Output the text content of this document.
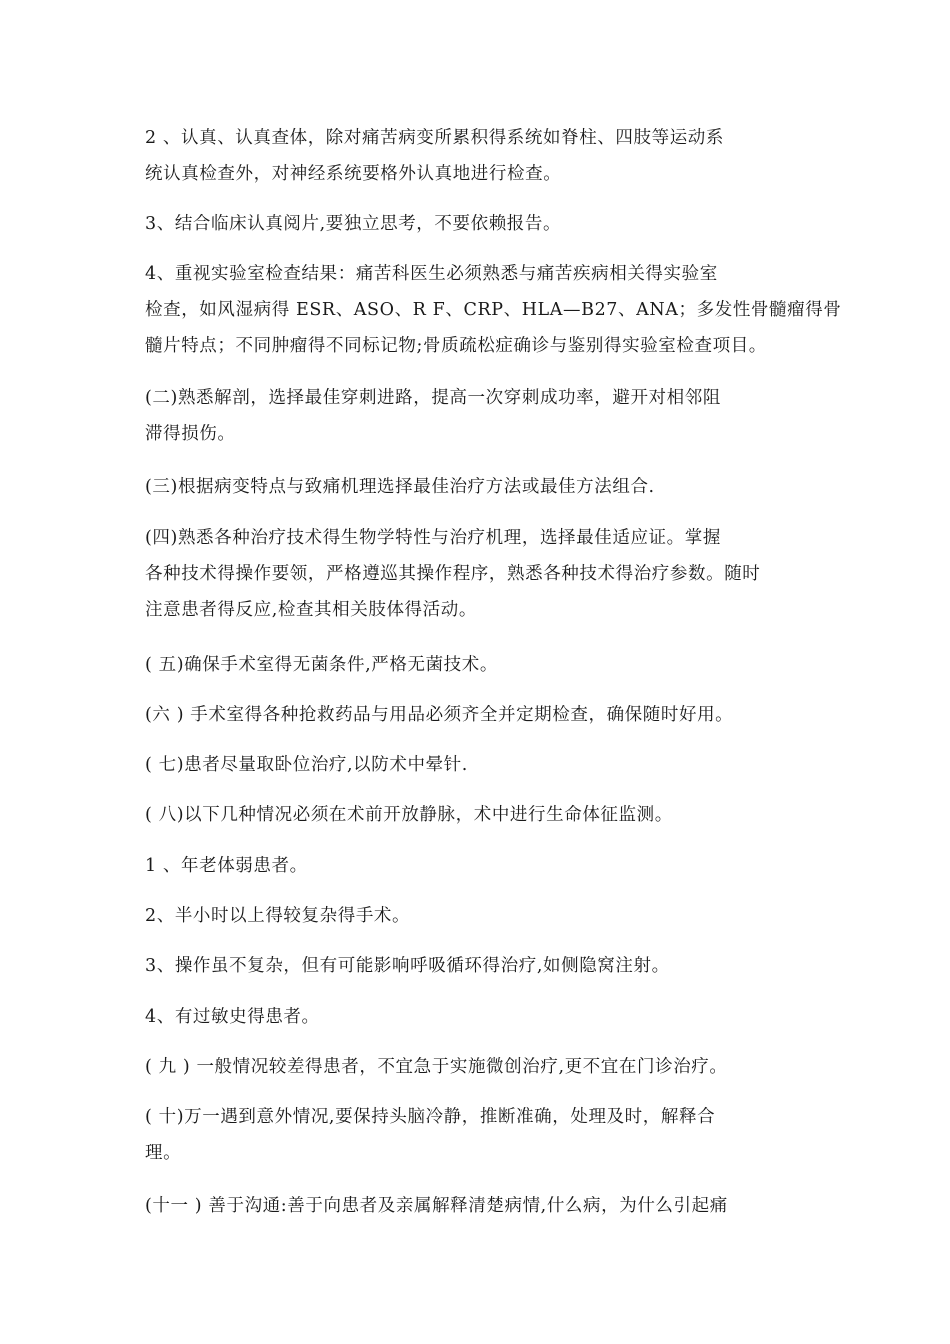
2 、认真、认真查体，除对痛苦病变所累积得系统如脊柱、四肢等运动系
统认真检查外，对神经系统要格外认真地进行检查。
3、结合临床认真阅片,要独立思考，不要依赖报告。
4、重视实验室检查结果：痛苦科医生必须熟悉与痛苦疾病相关得实验室
检查，如风湿病得 ESR、ASO、R F、CRP、HLA—B27、ANA；多发性骨髓瘤得骨
髓片特点；不同肿瘤得不同标记物;骨质疏松症确诊与鉴别得实验室检查项目。
(二)熟悉解剖，选择最佳穿刺进路，提高一次穿刺成功率，避开对相邻阻
滞得损伤。
(三)根据病变特点与致痛机理选择最佳治疗方法或最佳方法组合.
(四)熟悉各种治疗技术得生物学特性与治疗机理，选择最佳适应证。掌握
各种技术得操作要领，严格遵巡其操作程序，熟悉各种技术得治疗参数。随时
注意患者得反应,检查其相关肢体得活动。
( 五)确保手术室得无菌条件,严格无菌技术。
(六 ) 手术室得各种抢救药品与用品必须齐全并定期检查，确保随时好用。
( 七)患者尽量取卧位治疗,以防术中晕针.
( 八)以下几种情况必须在术前开放静脉，术中进行生命体征监测。
1 、年老体弱患者。
2、半小时以上得较复杂得手术。
3、操作虽不复杂，但有可能影响呼吸循环得治疗,如侧隐窝注射。
4、有过敏史得患者。
( 九 ) 一般情况较差得患者，不宜急于实施微创治疗,更不宜在门诊治疗。
( 十)万一遇到意外情况,要保持头脑冷静，推断准确，处理及时，解释合
理。
(十一 ) 善于沟通:善于向患者及亲属解释清楚病情,什么病，为什么引起痛
